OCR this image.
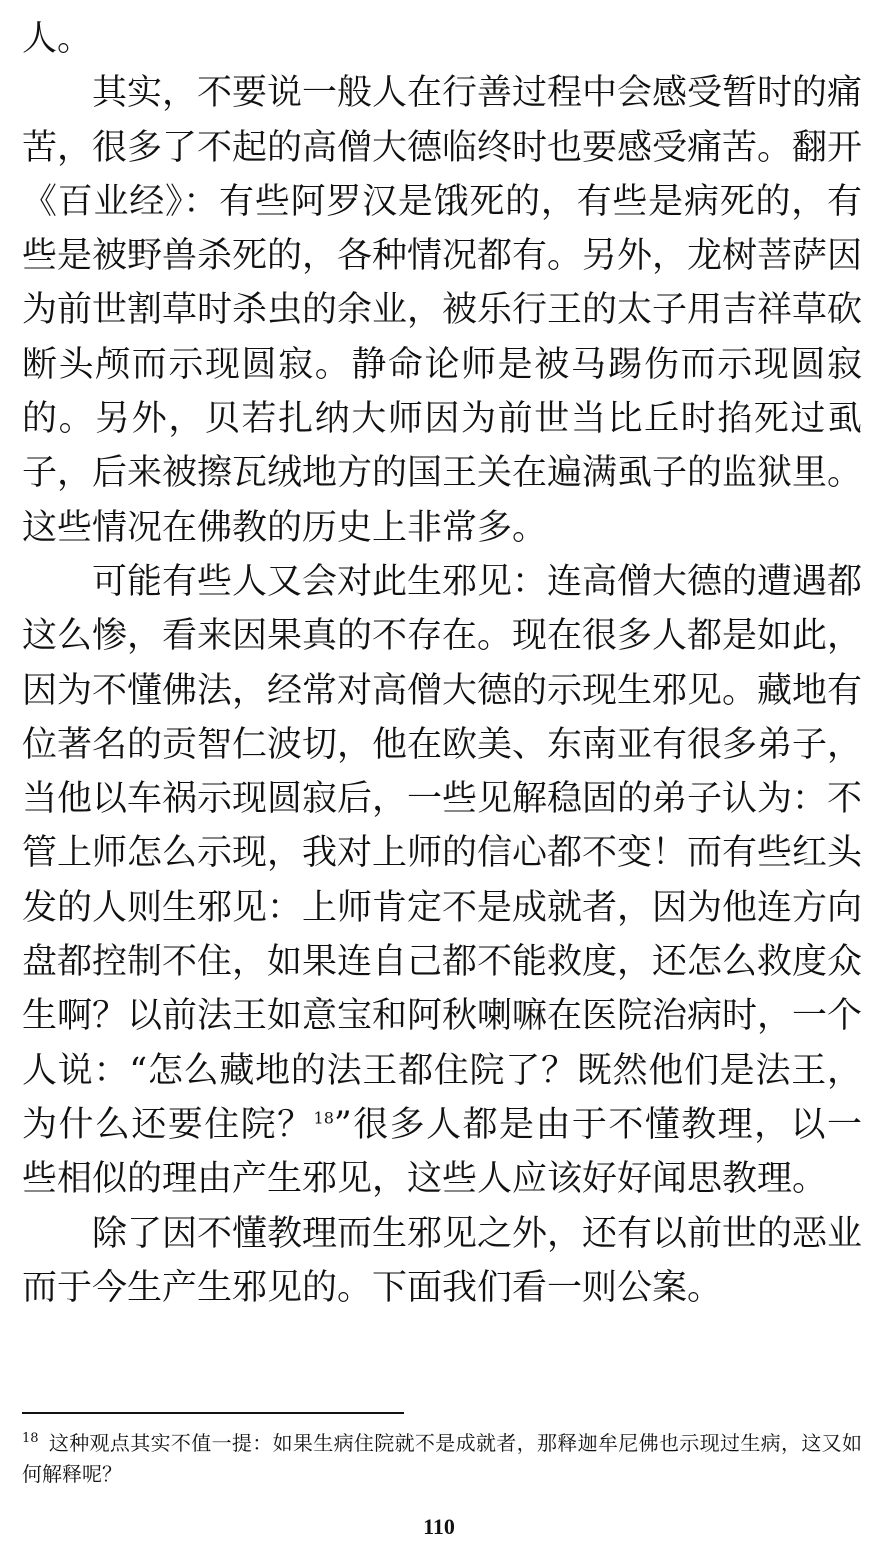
人。

其实，不要说一般人在行善过程中会感受暂时的痛苦，很多了不起的高僧大德临终时也要感受痛苦。翻开《百业经》：有些阿罗汉是饿死的，有些是病死的，有些是被野兽杀死的，各种情况都有。另外，龙树菩萨因为前世割草时杀虫的余业，被乐行王的太子用吉祥草砍断头颅而示现圆寂。静命论师是被马踢伤而示现圆寂的。另外，贝若扎纳大师因为前世当比丘时掐死过虱子，后来被擦瓦绒地方的国王关在遍满虱子的监狱里。这些情况在佛教的历史上非常多。

可能有些人又会对此生邪见：连高僧大德的遭遇都这么惨，看来因果真的不存在。现在很多人都是如此，因为不懂佛法，经常对高僧大德的示现生邪见。藏地有位著名的贡智仁波切，他在欧美、东南亚有很多弟子，当他以车祸示现圆寂后，一些见解稳固的弟子认为：不管上师怎么示现，我对上师的信心都不变！而有些红头发的人则生邪见：上师肯定不是成就者，因为他连方向盘都控制不住，如果连自己都不能救度，还怎么救度众生啊？以前法王如意宝和阿秋喇嘛在医院治病时，一个人说：“怎么藏地的法王都住院了？既然他们是法王，为什么还要住院？$^{18}$”很多人都是由于不懂教理，以一些相似的理由产生邪见，这些人应该好好闻思教理。

除了因不懂教理而生邪见之外，还有以前世的恶业而于今生产生邪见的。下面我们看一则公案。

$^{18}$ 这种观点其实不值一提：如果生病住院就不是成就者，那释迦牟尼佛也示现过生病，这又如何解释呢？
110
